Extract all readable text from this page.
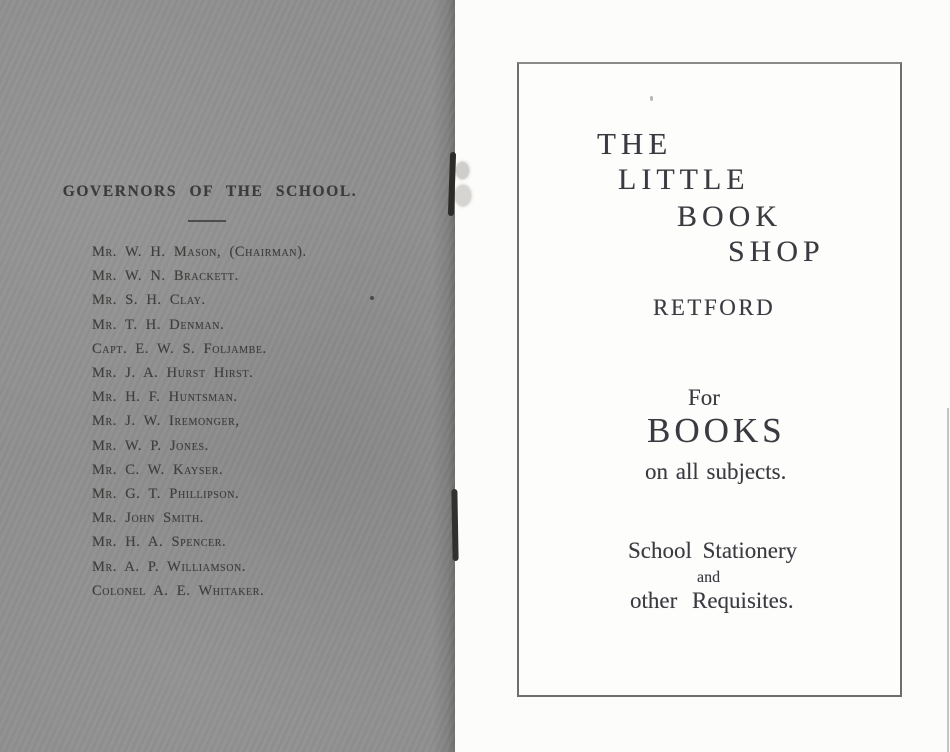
GOVERNORS OF THE SCHOOL.
Mr. W. H. Mason, (Chairman).
Mr. W. N. Brackett.
Mr. S. H. Clay.
Mr. T. H. Denman.
Capt. E. W. S. Foljambe.
Mr. J. A. Hurst Hirst.
Mr. H. F. Huntsman.
Mr. J. W. Iremonger,
Mr. W. P. Jones.
Mr. C. W. Kayser.
Mr. G. T. Phillipson.
Mr. John Smith.
Mr. H. A. Spencer.
Mr. A. P. Williamson.
Colonel A. E. Whitaker.
THE
LITTLE
BOOK
SHOP
RETFORD
For
BOOKS
on all subjects.
School Stationery
and
other Requisites.
